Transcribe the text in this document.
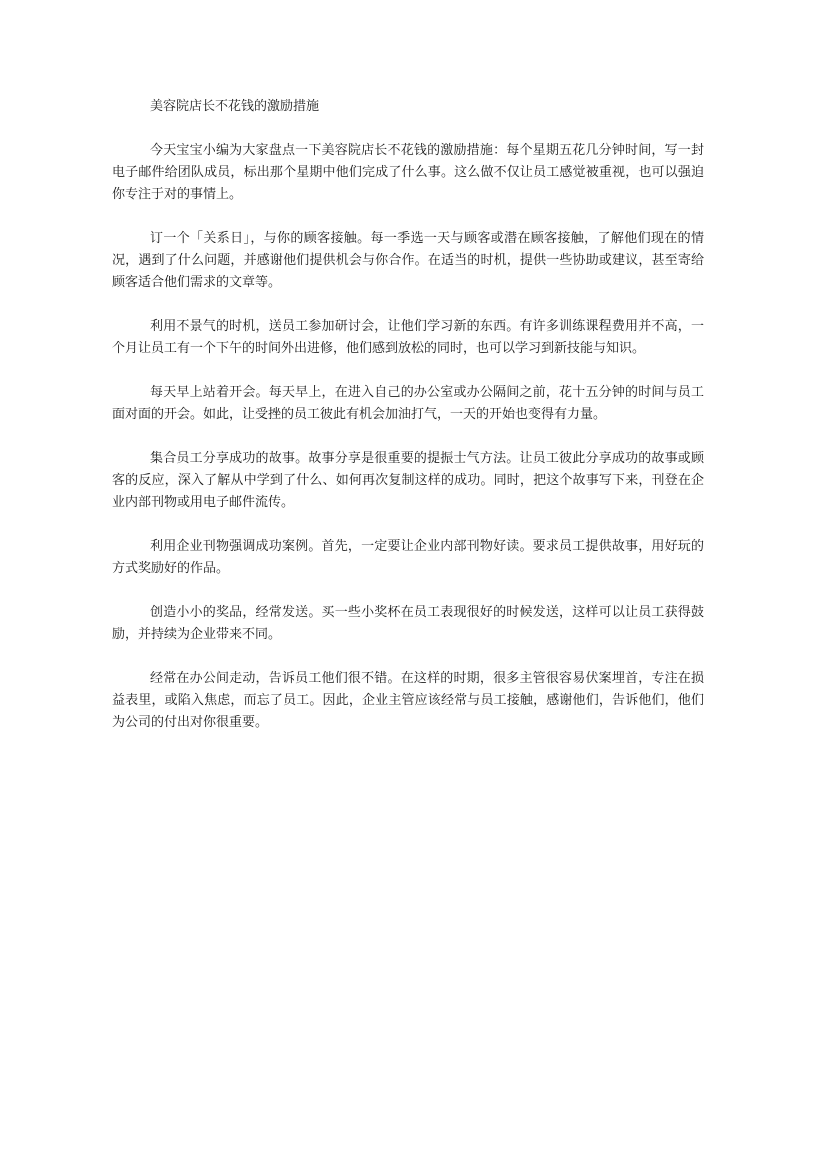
美容院店长不花钱的激励措施

今天宝宝小编为大家盘点一下美容院店长不花钱的激励措施：每个星期五花几分钟时间，写一封电子邮件给团队成员，标出那个星期中他们完成了什么事。这么做不仅让员工感觉被重视，也可以强迫你专注于对的事情上。

订一个「关系日」，与你的顾客接触。每一季选一天与顾客或潜在顾客接触，了解他们现在的情况，遇到了什么问题，并感谢他们提供机会与你合作。在适当的时机，提供一些协助或建议，甚至寄给顾客适合他们需求的文章等。

利用不景气的时机，送员工参加研讨会，让他们学习新的东西。有许多训练课程费用并不高，一个月让员工有一个下午的时间外出进修，他们感到放松的同时，也可以学习到新技能与知识。

每天早上站着开会。每天早上，在进入自己的办公室或办公隔间之前，花十五分钟的时间与员工面对面的开会。如此，让受挫的员工彼此有机会加油打气，一天的开始也变得有力量。

集合员工分享成功的故事。故事分享是很重要的提振士气方法。让员工彼此分享成功的故事或顾客的反应，深入了解从中学到了什么、如何再次复制这样的成功。同时，把这个故事写下来，刊登在企业内部刊物或用电子邮件流传。

利用企业刊物强调成功案例。首先，一定要让企业内部刊物好读。要求员工提供故事，用好玩的方式奖励好的作品。

创造小小的奖品，经常发送。买一些小奖杯在员工表现很好的时候发送，这样可以让员工获得鼓励，并持续为企业带来不同。

经常在办公间走动，告诉员工他们很不错。在这样的时期，很多主管很容易伏案埋首，专注在损益表里，或陷入焦虑，而忘了员工。因此，企业主管应该经常与员工接触，感谢他们，告诉他们，他们为公司的付出对你很重要。
